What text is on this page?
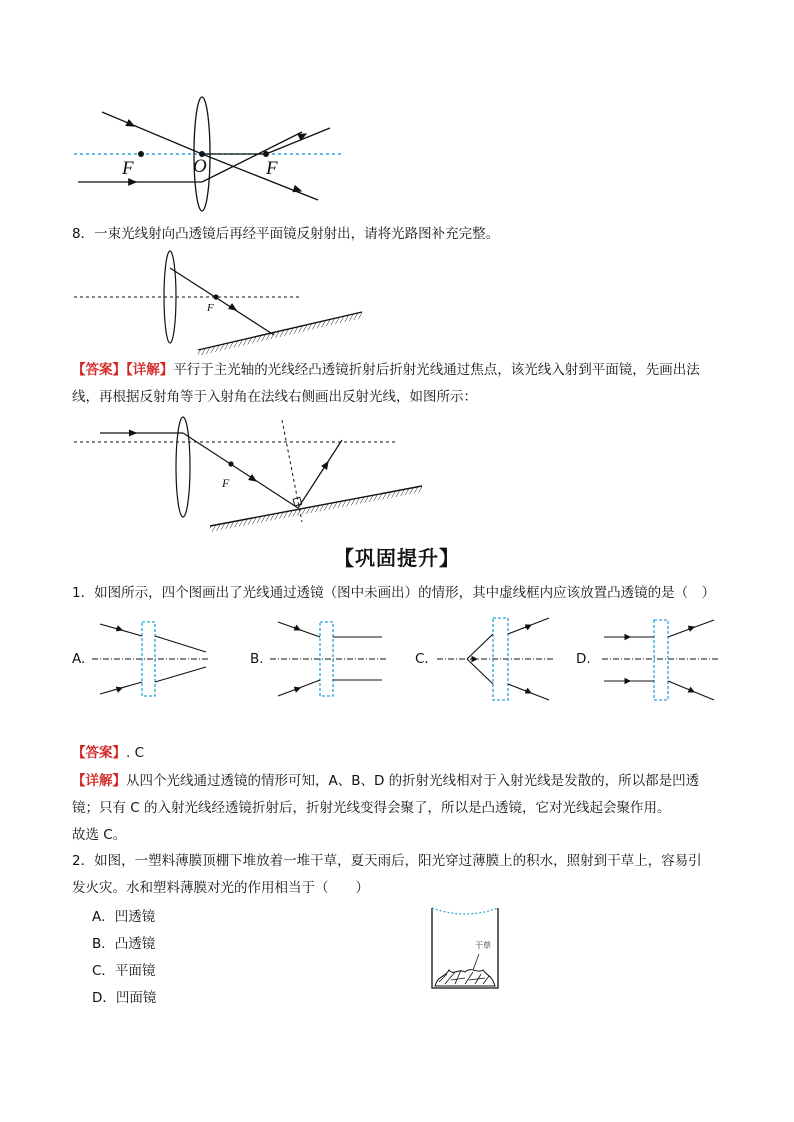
F	O	F
8．一束光线射向凸透镜后再经平面镜反射射出，请将光路图补充完整。
F
【答案】【详解】平行于主光轴的光线经凸透镜折射后折射光线通过焦点，该光线入射到平面镜，先画出法
线，再根据反射角等于入射角在法线右侧画出反射光线，如图所示：
F
【巩固提升】
1．如图所示，四个图画出了光线通过透镜（图中未画出）的情形，其中虚线框内应该放置凸透镜的是（　）
A.	B.	C.	D.
【答案】. C
【详解】从四个光线通过透镜的情形可知，A、B、D 的折射光线相对于入射光线是发散的，所以都是凹透
镜；只有 C 的入射光线经透镜折射后，折射光线变得会聚了，所以是凸透镜，它对光线起会聚作用。
故选 C。
2．如图，一塑料薄膜顶棚下堆放着一堆干草，夏天雨后，阳光穿过薄膜上的积水，照射到干草上，容易引
发火灾。水和塑料薄膜对光的作用相当于（　　）
A．凹透镜
B．凸透镜
C．平面镜
D．凹面镜
干草
